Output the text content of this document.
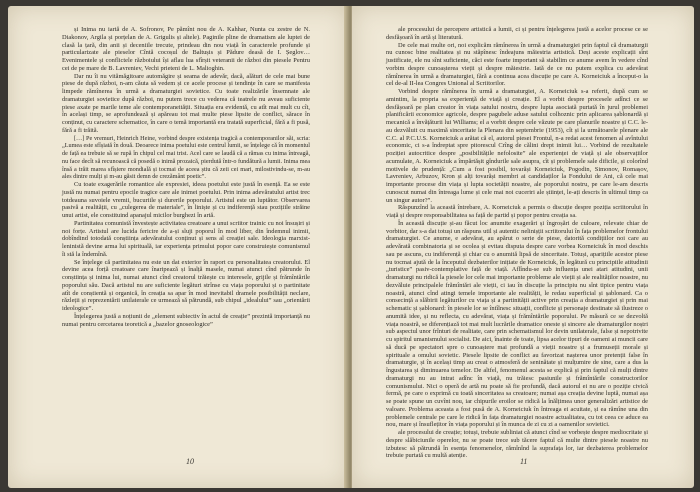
și Inima nu iartă de A. Sofronov, Pe pămînt nou de A. Kahhar, Nunta cu zestre de N. Diakonov, Argila și porțelan de A. Grigulis și altele). Paginile pline de dramatism ale luptei de clasă la țară, din anii și deceniile trecute, prindeau din nou viață în caracterele profunde și particularizate ale pieselor Cîntă cocoșul de Baltușis și Pădure deasă de I. Șeglov… Evenimentele și conflictele războiului își aflau lua sfîrșit veteranii de război din piesele Pentru cei de pe mare de B. Lavreniev, Vechi prieteni de L. Malioghin.

Dar nu îi nu vitămăgitoare automăgire și seama de adevăr, dacă, alături de cele mai bune piese de după război, n-am căuta să vedem și ce acele procese și tendințe în care se manifesta limpede rămînerea în urmă a dramaturgiei sovietice. Cu toate realizările însemnate ale dramaturgiei sovietice după război, nu putem trece cu vederea că teatrele nu aveau suficiente piese axate pe marile teme ale contemporaneității. Situația era evidentă, cu atît mai mult cu cît, în același timp, se aprofundează și apăreau tot mai multe piese lipsite de conflict, sărace în conținut, cu caractere schematice, în care o temă importantă era tratată superficial, fără a fi pusă, fără a fi trăită.

[…] Pe vremuri, Heinrich Heine, vorbind despre existența tragică a contemporanilor săi, scria: „Lumea este sfîșiată în două. Deoarece inima poetului este centrul lumii, se înțelege că în momentul de față ea trebuie să se rupă în chipul cel mai trist. Acel care se laudă că a rămas cu inima întreagă, nu face decît să recunoască că posedă o inimă prozaică, pierdută într-o fundătură a lumii. Inima mea însă a trăit marea sfîșiere mondială și tocmai de aceea știu că zeii cei mari, milostivindu-se, m-au ales dintre mulți și m-au găsit demn de crezământ poetic”.

Cu toate exagerările romantice ale expresiei, ideea poetului este justă în esență. Ea se este justă nu numai pentru epocile tragice care ale inimei poetului. Prin inima adevăratului artist trec totdeauna suvoiele vremii, bucuriile și durerile poporului. Artistul este un luptător. Observarea pasivă a realității, cu „culegerea de materiale”, în liniște și cu indiferență stau pozițiile străine unui artist, ele constituind apanajul micilor burghezi în artă.

Partinitatea comunistă învestește activitatea creatoare a unui scriitor trainic cu noi însușiri și noi forțe. Artistul are lucida fericire de a-și sluji poporul în mod liber, din îndemnul inimii, dobîndind totodată conștiința adevăratului conținut și sens al creației sale. Ideologia marxist-leninistă devine arma lui spirituală, iar experiența primului popor care construiește comunismul îi stă la îndemînă.

Se înțelege că partinitatea nu este un dat exterior în raport cu personalitatea creatorului. El devine acea forță creatoare care înaripează și înalță masele, numai atunci cînd pătrunde în conștiința și inima lui, numai atunci cînd creatorul trăiește cu interesele, grijile și frămîntările poporului său. Dacă artistul nu are suficiente legături strînse cu viața poporului și o partinitate atît de conștientă și organică, în creația sa apar în mod inevitabil dramele posibilității neclare, răzleții și reprezentării unilaterale ce urmează să pătrundă, sub chipul „idealului” sau „orientării ideologice”.

Înțelegerea justă a noțiunii de „element subiectiv în actul de creație” prezintă importanță nu numai pentru cercetarea teoretică a „bazelor gnoseologice”

10

ale procesului de percepere artistică a lumii, ci și pentru înțelegerea justă a acelor procese ce se desfășoară în artă și literatură.

De cele mai multe ori, noi explicăm rămînerea în urmă a dramaturgiei prin faptul că dramaturgii nu cunosc bine realitatea și nu stăpînesc îndeajuns măiestria artistică. Deși aceste explicații sînt justificate, ele nu sînt suficiente, căci este foarte important să stabilim ce anume avem în vedere cînd vorbim despre cunoașterea vieții și despre măiestrie. Iată de ce nu putem explica cu adevărat rămînerea în urmă a dramaturgiei, fără a continua acea discuție pe care A. Korneiciuk a început-o la cel de-al II-lea Congres Unional al Scriitorilor.

Vorbind despre rămînerea în urmă a dramaturgiei, A. Korneiciuk s-a referit, după cum se amintim, la propria sa experiență de viață și creație. El a vorbit despre procesele adînci ce se desfășoară pe plan creator în viața satului nostru, despre lupta asociată purtată în jurul problemei planificării economice agricole, despre pagubele aduse satului colhoznic prin aplicarea șablonardă și mecanică a învățăturii lui Williams; el a vorbit despre cele văzute pe care planurile noastre și C.C. le-au dezvăluit cu maximă sinceritate la Plenara din septembrie (1953), cît și la următoarele plenare ale C.C. al P.C.U.S. Korneiciuk a arătat că el, autorul piesei Frontul, n-a redat acest fenomen al avîntului economic, ci s-a îndreptat spre pitorescul Crîng de călini drept inimii lui… Vorbind de rezultatele poziției autocritice despre „posibilitățile nefolosite” ale experienței de viață și ale observațiilor acumulate, A. Korneiciuk a împărtășit gîndurile sale asupra, cît și problemele sale dificile, și colorînd motivele de prudență: „Cum a fost posibil, tovarăși Korneiciuk, Pogodin, Simonov, Romașov, Lavreniev, Arbuzov, Kron și alți tovarăși membri ai candidaților la Fondului de Ani, că cele mai importante procese din viața și lupta societății noastre, ale poporului nostru, pe care le-am descris cunoscut numai din întreaga lume și cele mai noi cuceriri ale științei, le-ați descris în ultimul timp ca un singur autor?”.

Răspunzînd la această întrebare, A. Korneiciuk a permis o discuție despre poziția scriitorului în viață și despre responsabilitatea sa față de partid și popor pentru creația sa.

În această discuție și-au făcut loc anumite exagerări și îngroșări de culoare, relevate chiar de vorbitor, dar s-a dat totuși un răspuns util și autentic nelinișții scriitorului în fața problemelor frontului dramaturgiei. Ce anume, e adevărat, au apărut o serie de piese, datorită condițiilor noi care au adevărată combinatoria și se ocolea și evitau disputa despre care vorbea Korneiciuk în mod deschis sau pe ascuns, cu indiferență și chiar cu o anumită lipsă de sinceritate. Totuși, aparițiile acestor piese nu tocmai ajută de la începutul dezbaterilor inițiate de Korneiciuk, în legătură cu principiile atitudinii „turistice” pasiv-contemplative față de viață. Aflîndu-se sub influența unei atari atitudini, unii dramaturgi nu ridică la piesele lor cele mai importante probleme ale vieții și ale realităților noastre, nu dezvăluie principalele frămîntări ale vieții, ci iau în discuție la principiu nu sînt tipice pentru viața noastră, atunci cînd atingi temele importante ale realității, le redau superficial și șablonard. Ca o consecință a slăbirii legăturilor cu viața și a partinității active prin creația a dramaturgiei și prin mai schematic și șablonard: în piesele lor se întîlnesc situații, conflicte și personaje destinate să ilustreze o anumită idee, și nu reflecta, cu adevărat, viața și frămîntările poporului. Pe măsură ce se dezvoltă viața noastră, se diferențiază tot mai mult lucrările dramatice oneste și sincere ale dramaturgilor noștri sub aspectul unor frînturi de realitate, care prin schematismul lor devin unilaterale, false și nepotrivite cu spiritul umanismului socialist. De aici, înainte de toate, lipsa acelor tipuri de oameni ai muncii care să ducă pe spectatori spre o cunoaștere mai profundă a vieții noastre și a frumuseții morale și spirituale a omului sovietic. Piesele lipsite de conflict au favorizat nașterea unor pretenții false în dramaturgie, și în același timp au creat o atmosferă de seninătate și mulțumire de sine, care a dus la îngustarea și diminuarea temelor. De altfel, fenomenul acesta se explică și prin faptul că mulți dintre dramaturgi nu au intrat adînc în viață, nu trăiesc pasiunile și frămîntările constructorilor comunismului. Nici o operă de artă nu poate să fie profundă, dacă autorul ei nu are o poziție civică fermă, pe care o exprimă cu toată sinceritatea sa creatoare; numai așa creația devine luptă, numai așa se poate spune un cuvînt nou, iar chipurile eroilor se ridică la înălțimea unor generalizări artistice de valoare. Problema aceasta a fost pusă de A. Korneiciuk în întreaga ei acuitate, și ea rămîne una din problemele centrale pe care le ridică în fața dramaturgiei noastre actualitatea, cu tot ceea ce aduce ea nou, mare și însuflețitor în viața poporului și în munca de zi cu zi a oamenilor sovietici.

ale procesului de creație; totuși, trebuie subliniat că atunci cînd se vorbește despre mediocritate și despre slăbiciunile operelor, nu se poate trece sub tăcere faptul că multe dintre piesele noastre nu izbutesc să pătrundă în esența fenomenelor, rămînînd la suprafața lor, iar dezbaterea problemelor trebuie purtată cu multă atenție.

11
